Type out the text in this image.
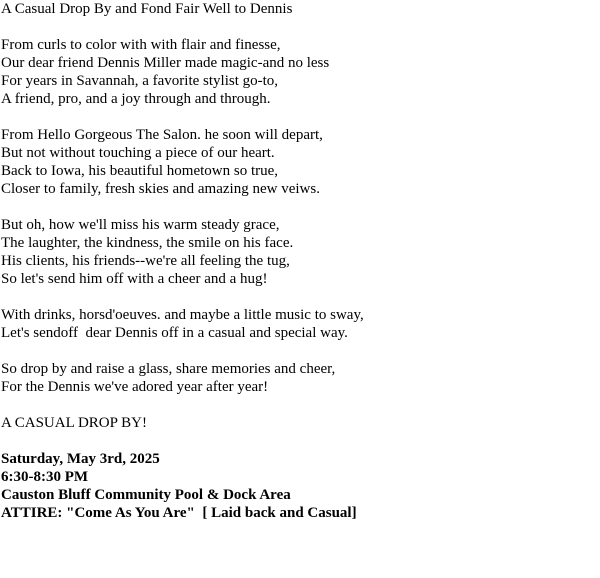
A Casual Drop By and Fond Fair Well to Dennis
From curls to color with with flair and finesse,
Our dear friend Dennis Miller made magic-and no less
For years in Savannah, a favorite stylist go-to,
A friend, pro, and a joy through and through.
From Hello Gorgeous The Salon. he soon will depart,
But not without touching a piece of our heart.
Back to Iowa, his beautiful hometown so true,
Closer to family, fresh skies and amazing new veiws.
But oh, how we'll miss his warm steady grace,
The laughter, the kindness, the smile on his face.
His clients, his friends--we're all feeling the tug,
So let's send him off with a cheer and a hug!
With drinks, horsd'oeuves. and maybe a little music to sway,
Let's sendoff  dear Dennis off in a casual and special way.
So drop by and raise a glass, share memories and cheer,
For the Dennis we've adored year after year!
A CASUAL DROP BY!
Saturday, May 3rd, 2025
6:30-8:30 PM
Causton Bluff Community Pool & Dock Area
ATTIRE: "Come As You Are"  [ Laid back and Casual]
